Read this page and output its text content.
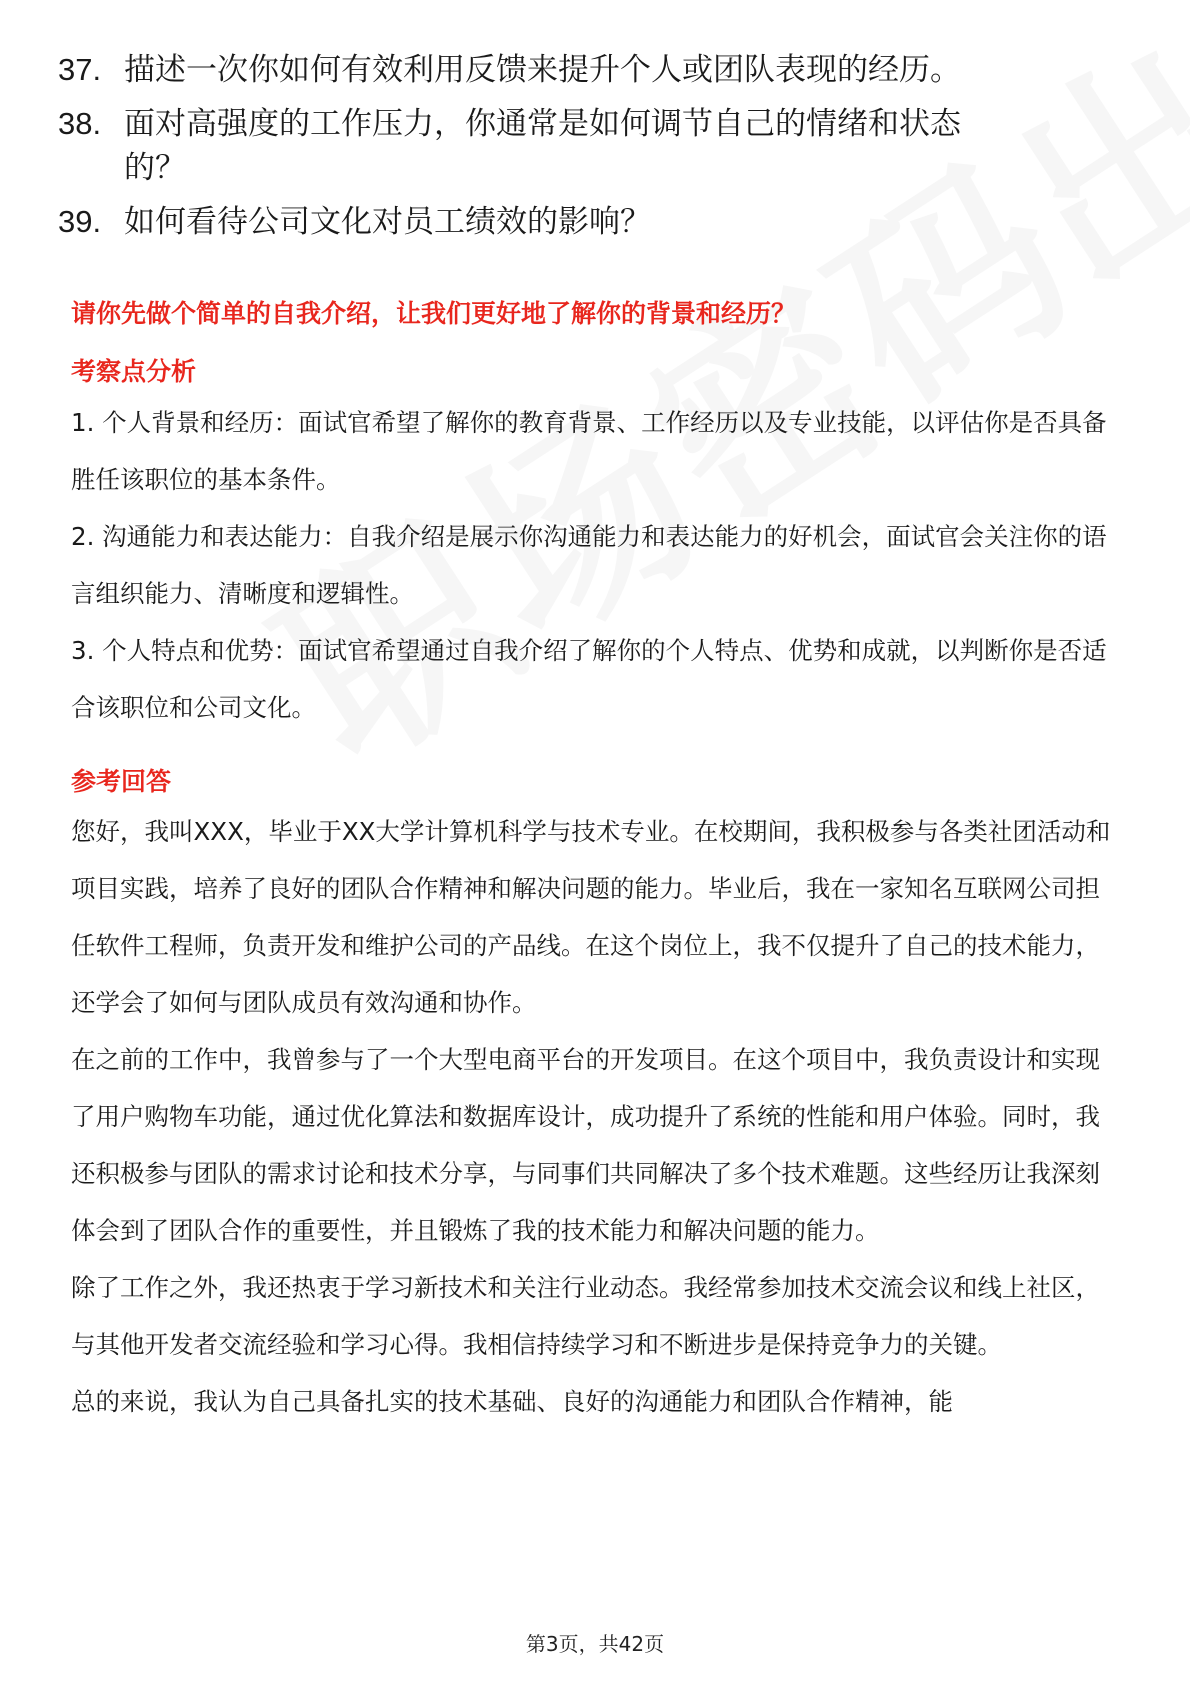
37. 描述一次你如何有效利用反馈来提升个人或团队表现的经历。
38. 面对高强度的工作压力，你通常是如何调节自己的情绪和状态的？
39. 如何看待公司文化对员工绩效的影响？
请你先做个简单的自我介绍，让我们更好地了解你的背景和经历？
考察点分析

1. 个人背景和经历：面试官希望了解你的教育背景、工作经历以及专业技能，以评估你是否具备胜任该职位的基本条件。

2. 沟通能力和表达能力：自我介绍是展示你沟通能力和表达能力的好机会，面试官会关注你的语言组织能力、清晰度和逻辑性。

3. 个人特点和优势：面试官希望通过自我介绍了解你的个人特点、优势和成就，以判断你是否适合该职位和公司文化。

参考回答

您好，我叫XXX，毕业于XX大学计算机科学与技术专业。在校期间，我积极参与各类社团活动和项目实践，培养了良好的团队合作精神和解决问题的能力。毕业后，我在一家知名互联网公司担任软件工程师，负责开发和维护公司的产品线。在这个岗位上，我不仅提升了自己的技术能力，还学会了如何与团队成员有效沟通和协作。

在之前的工作中，我曾参与了一个大型电商平台的开发项目。在这个项目中，我负责设计和实现了用户购物车功能，通过优化算法和数据库设计，成功提升了系统的性能和用户体验。同时，我还积极参与团队的需求讨论和技术分享，与同事们共同解决了多个技术难题。这些经历让我深刻体会到了团队合作的重要性，并且锻炼了我的技术能力和解决问题的能力。

除了工作之外，我还热衷于学习新技术和关注行业动态。我经常参加技术交流会议和线上社区，与其他开发者交流经验和学习心得。我相信持续学习和不断进步是保持竞争力的关键。

总的来说，我认为自己具备扎实的技术基础、良好的沟通能力和团队合作精神，能

第3页，共42页
